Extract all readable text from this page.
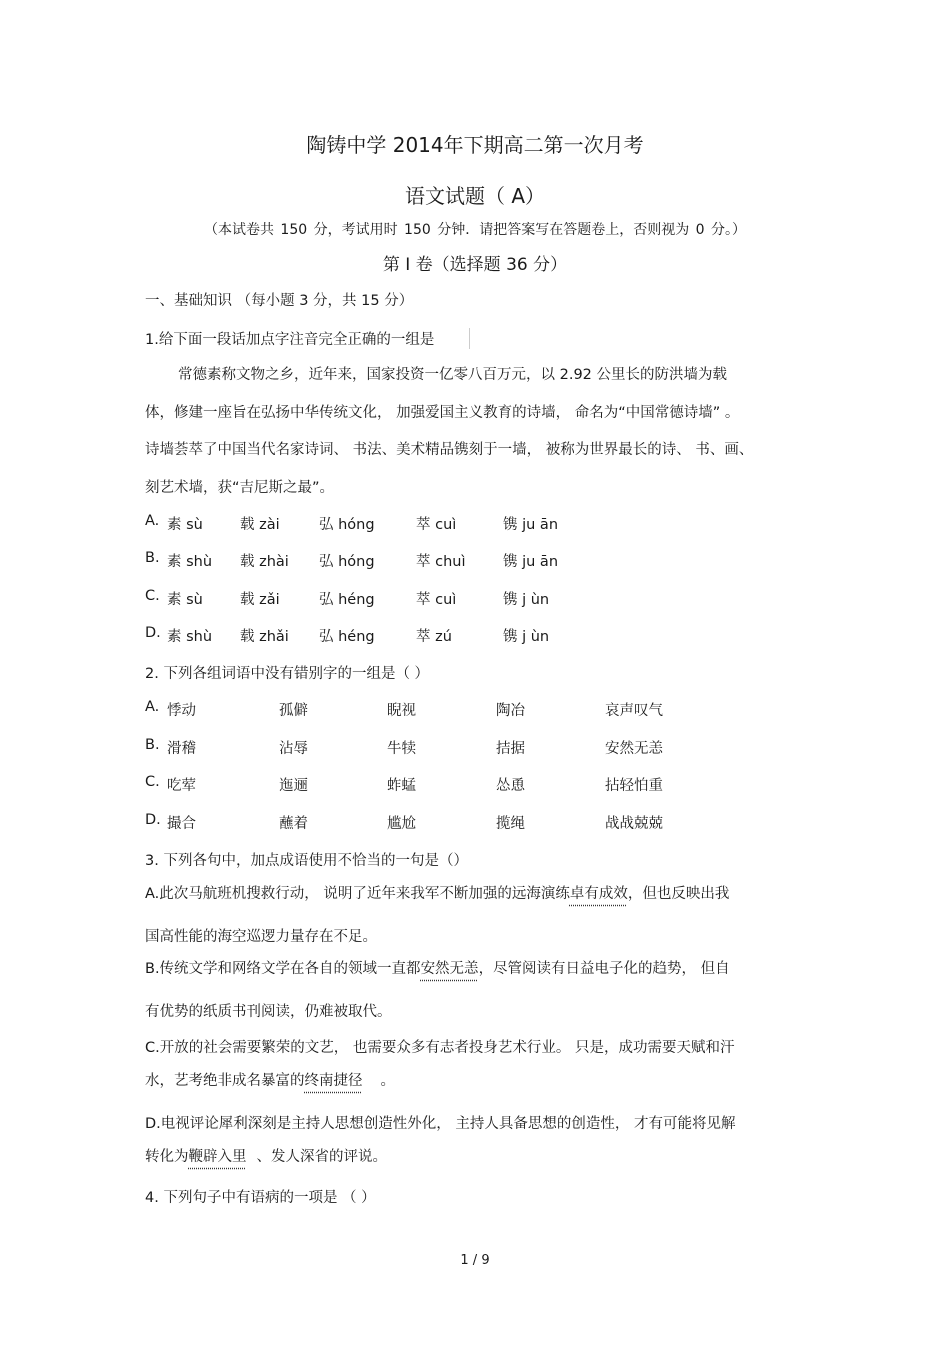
陶铸中学 2014年下期高二第一次月考
语文试题（ A）
（本试卷共 150 分，考试用时 150 分钟．请把答案写在答题卷上，否则视为 0 分。）
第 I 卷（选择题 36 分）
一、基础知识 （每小题 3 分，共 15 分）
1.给下面一段话加点字注音完全正确的一组是
常德素称文物之乡，近年来，国家投资一亿零八百万元，以 2.92 公里长的防洪墙为载
体，修建一座旨在弘扬中华传统文化， 加强爱国主义教育的诗墙， 命名为“中国常德诗墙” 。
诗墙荟萃了中国当代名家诗词、 书法、美术精品镌刻于一墙， 被称为世界最长的诗、 书、画、
刻艺术墙，获“吉尼斯之最”。
A. 素 sù	载 zài	弘 hóng	萃 cuì	镌 ju ān
B. 素 shù 载 zhài 弘 hóng	萃 chuì	镌 ju ān
C. 素 sù	载 zǎi	弘 héng	萃 cuì	镌 j ùn
D. 素 shù 载 zhǎi 弘 héng	萃 zú	镌 j ùn
2. 下列各组词语中没有错别字的一组是（ ）
A. 悸动	孤僻	睨视	陶冶	哀声叹气
B. 滑稽	沾辱	牛犊	拮据	安然无恙
C. 吃荤	迤逦	蚱蜢	怂恿	拈轻怕重
D. 撮合	蘸着	尴尬	揽绳	战战兢兢
3. 下列各句中，加点成语使用不恰当的一句是（）
A.此次马航班机搜救行动， 说明了近年来我军不断加强的远海演练卓有成效，但也反映出我
国高性能的海空巡逻力量存在不足。
B.传统文学和网络文学在各自的领域一直都安然无恙，尽管阅读有日益电子化的趋势， 但自
有优势的纸质书刊阅读，仍难被取代。
C.开放的社会需要繁荣的文艺， 也需要众多有志者投身艺术行业。 只是，成功需要天赋和汗
水，艺考绝非成名暴富的终南捷径 。
D.电视评论犀利深刻是主持人思想创造性外化， 主持人具备思想的创造性， 才有可能将见解
转化为鞭辟入里 、发人深省的评说。
4. 下列句子中有语病的一项是 （ ）
1 / 9
